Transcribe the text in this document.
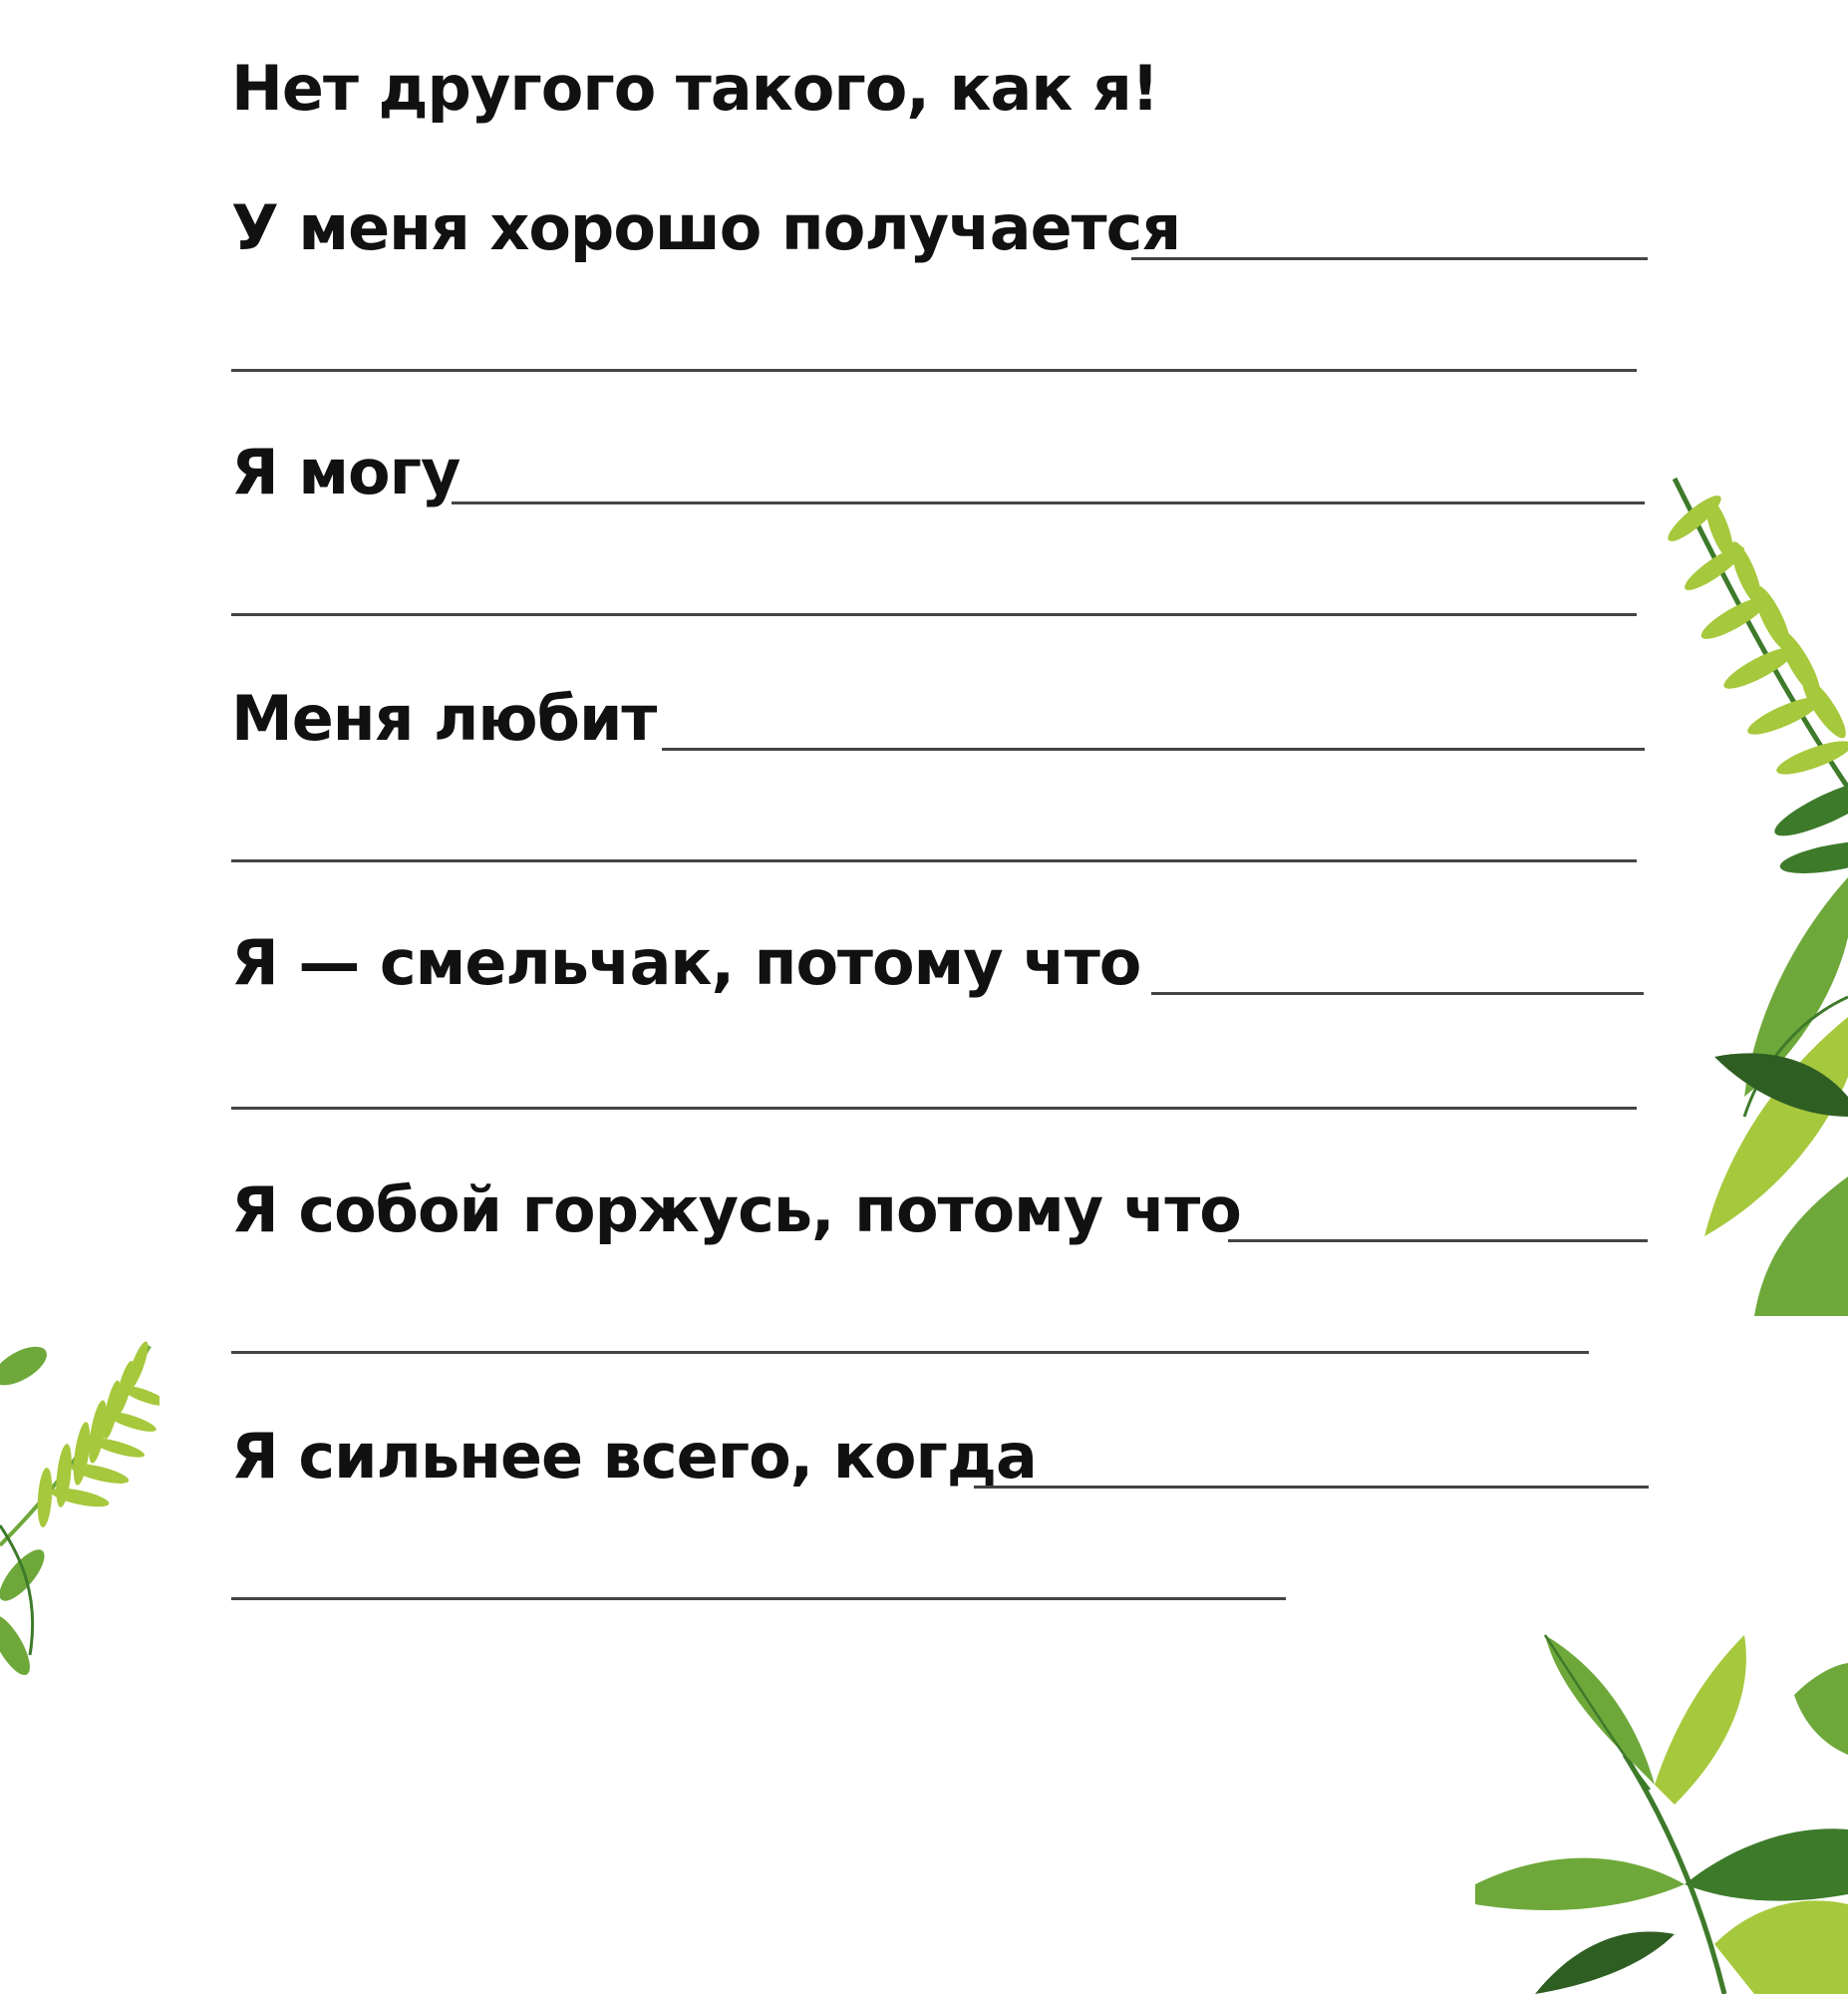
Нет другого такого, как я!

У меня хорошо получается

Я могу

Меня любит

Я — смельчак, потому что

Я собой горжусь, потому что

Я сильнее всего, когда
